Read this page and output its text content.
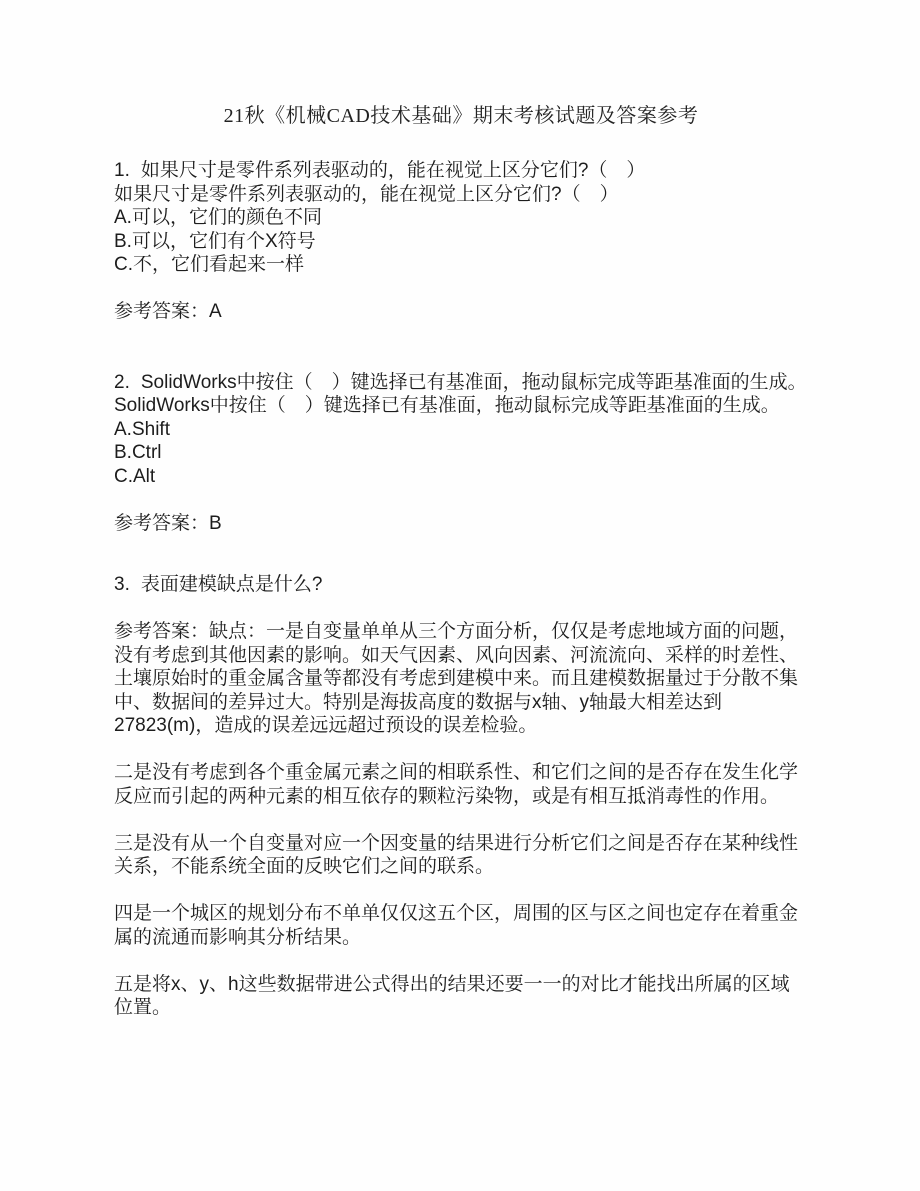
21秋《机械CAD技术基础》期末考核试题及答案参考
1. 如果尺寸是零件系列表驱动的，能在视觉上区分它们?（　）
如果尺寸是零件系列表驱动的，能在视觉上区分它们?（　）
A.可以，它们的颜色不同
B.可以，它们有个X符号
C.不，它们看起来一样
参考答案：A
2. SolidWorks中按住（　）键选择已有基准面，拖动鼠标完成等距基准面的生成。
SolidWorks中按住（　）键选择已有基准面，拖动鼠标完成等距基准面的生成。
A.Shift
B.Ctrl
C.Alt
参考答案：B
3. 表面建模缺点是什么?

参考答案：缺点：一是自变量单单从三个方面分析，仅仅是考虑地域方面的问题，没有考虑到其他因素的影响。如天气因素、风向因素、河流流向、采样的时差性、土壤原始时的重金属含量等都没有考虑到建模中来。而且建模数据量过于分散不集中、数据间的差异过大。特别是海拔高度的数据与x轴、y轴最大相差达到27823(m)，造成的误差远远超过预设的误差检验。

二是没有考虑到各个重金属元素之间的相联系性、和它们之间的是否存在发生化学反应而引起的两种元素的相互依存的颗粒污染物，或是有相互抵消毒性的作用。

三是没有从一个自变量对应一个因变量的结果进行分析它们之间是否存在某种线性关系，不能系统全面的反映它们之间的联系。

四是一个城区的规划分布不单单仅仅这五个区，周围的区与区之间也定存在着重金属的流通而影响其分析结果。

五是将x、y、h这些数据带进公式得出的结果还要一一的对比才能找出所属的区域位置。
